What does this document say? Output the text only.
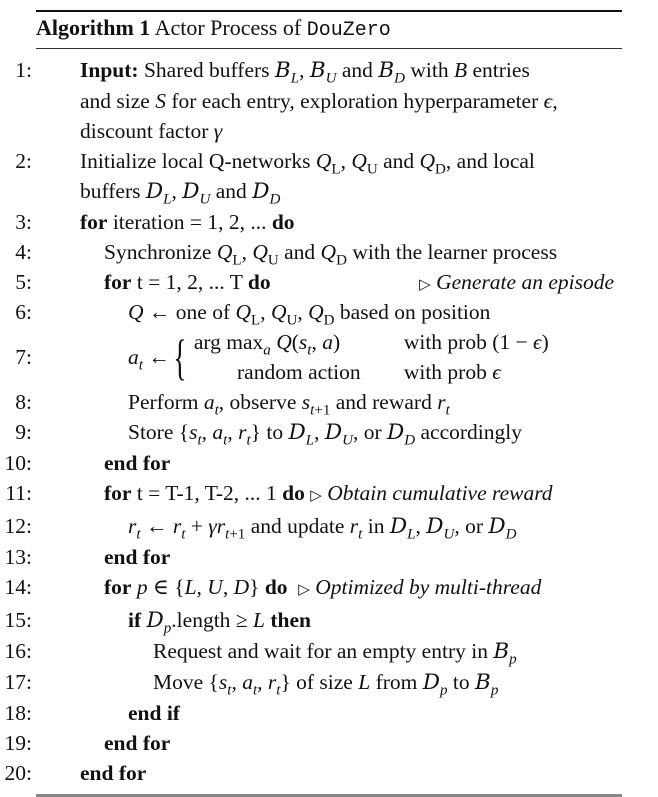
Algorithm 1 Actor Process of DouZero
1: Input: Shared buffers $B_L$, $B_U$ and $B_D$ with B entries
and size S for each entry, exploration hyperparameter ϵ,
discount factor γ
2: Initialize local Q-networks $Q_L$, $Q_U$ and $Q_D$, and local
buffers $D_L$, $D_U$ and $D_D$
3: for iteration = 1, 2, ... do
4:	Synchronize $Q_L$, $Q_U$ and $Q_D$ with the learner process
5:	for t = 1, 2, ... T do	▷ Generate an episode
6:	Q ← one of $Q_L$, $Q_U$, $Q_D$ based on position
7:	$a_t$ ← { arg $\max_a Q(s_t$, a)	with prob (1 − ϵ)
random action	with prob ϵ
8:	Perform $a_t$, observe $s_{t+1}$ and reward $r_t$
9:	Store {$s_t$, $a_t$, $r_t$} to $D_L$, $D_U$, or $D_D$ accordingly
10:	end for
11:	for t = T-1, T-2, ... 1 do ▷ Obtain cumulative reward
12:	$r_t$ ← $r_t + \gamma r_{t+1}$ and update $r_t$ in $D_L$, $D_U$, or $D_D$
13:	end for
14:	for p ∈ {L, U, D} do ▷ Optimized by multi-thread
15:	if $D_p.length \ge L$ then
16:	Request and wait for an empty entry in $B_p$
17:	Move {$s_t$, $a_t$, $r_t$} of size L from $D_p$ to $B_p$
18:	end if
19:	end for
20: end for
